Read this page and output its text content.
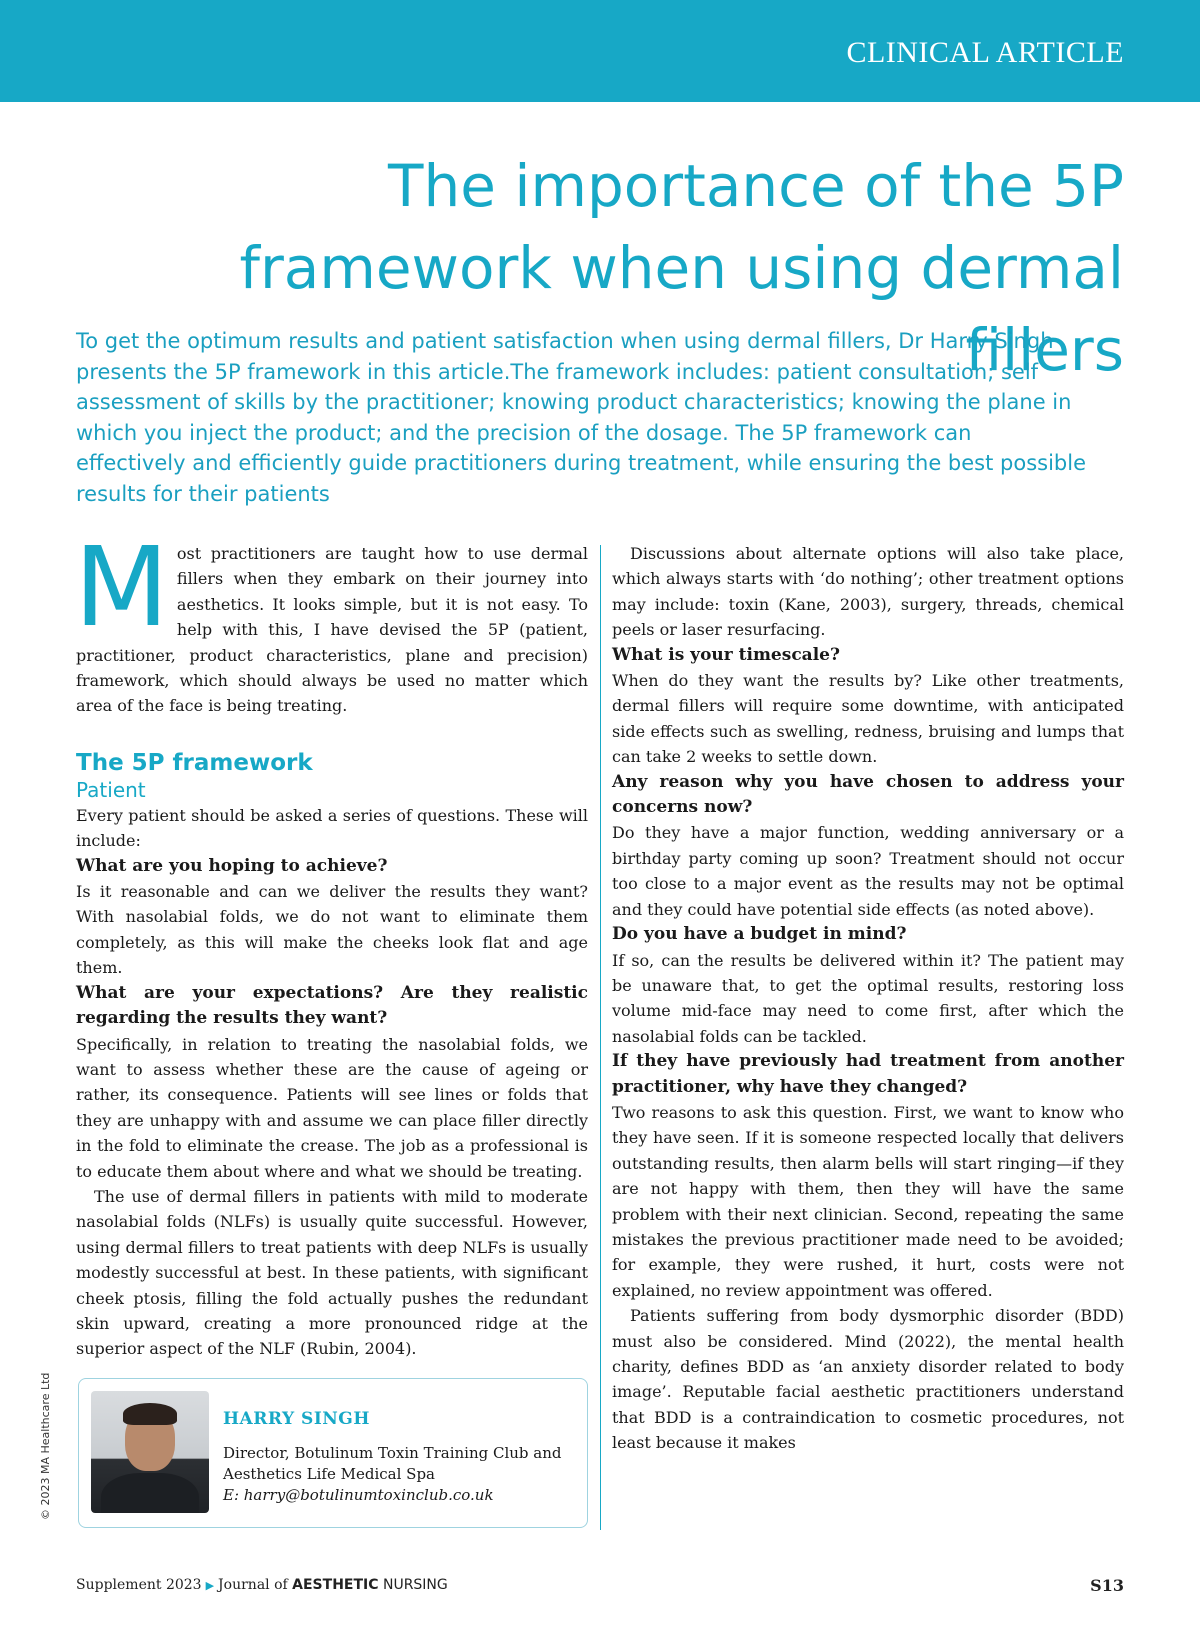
CLINICAL ARTICLE
The importance of the 5P framework when using dermal fillers

To get the optimum results and patient satisfaction when using dermal fillers, Dr Harry Singh presents the 5P framework in this article.The framework includes: patient consultation; self assessment of skills by the practitioner; knowing product characteristics; knowing the plane in which you inject the product; and the precision of the dosage. The 5P framework can effectively and efficiently guide practitioners during treatment, while ensuring the best possible results for their patients

Most practitioners are taught how to use dermal fillers when they embark on their journey into aesthetics. It looks simple, but it is not easy. To help with this, I have devised the 5P (patient, practitioner, product characteristics, plane and precision) framework, which should always be used no matter which area of the face is being treating.

The 5P framework
Patient

Every patient should be asked a series of questions. These will include:

What are you hoping to achieve?

Is it reasonable and can we deliver the results they want? With nasolabial folds, we do not want to eliminate them completely, as this will make the cheeks look flat and age them.

What are your expectations? Are they realistic regarding the results they want?

Specifically, in relation to treating the nasolabial folds, we want to assess whether these are the cause of ageing or rather, its consequence. Patients will see lines or folds that they are unhappy with and assume we can place filler directly in the fold to eliminate the crease. The job as a professional is to educate them about where and what we should be treating.

The use of dermal fillers in patients with mild to moderate nasolabial folds (NLFs) is usually quite successful. However, using dermal fillers to treat patients with deep NLFs is usually modestly successful at best. In these patients, with significant cheek ptosis, filling the fold actually pushes the redundant skin upward, creating a more pronounced ridge at the superior aspect of the NLF (Rubin, 2004).

Discussions about alternate options will also take place, which always starts with ‘do nothing’; other treatment options may include: toxin (Kane, 2003), surgery, threads, chemical peels or laser resurfacing.

What is your timescale?

When do they want the results by? Like other treatments, dermal fillers will require some downtime, with anticipated side effects such as swelling, redness, bruising and lumps that can take 2 weeks to settle down.

Any reason why you have chosen to address your concerns now?

Do they have a major function, wedding anniversary or a birthday party coming up soon? Treatment should not occur too close to a major event as the results may not be optimal and they could have potential side effects (as noted above).

Do you have a budget in mind?

If so, can the results be delivered within it? The patient may be unaware that, to get the optimal results, restoring loss volume mid-face may need to come first, after which the nasolabial folds can be tackled.

If they have previously had treatment from another practitioner, why have they changed?

Two reasons to ask this question. First, we want to know who they have seen. If it is someone respected locally that delivers outstanding results, then alarm bells will start ringing—if they are not happy with them, then they will have the same problem with their next clinician. Second, repeating the same mistakes the previous practitioner made need to be avoided; for example, they were rushed, it hurt, costs were not explained, no review appointment was offered.

Patients suffering from body dysmorphic disorder (BDD) must also be considered. Mind (2022), the mental health charity, defines BDD as ‘an anxiety disorder related to body image’. Reputable facial aesthetic practitioners understand that BDD is a contraindication to cosmetic procedures, not least because it makes

HARRY SINGH
Director, Botulinum Toxin Training Club and Aesthetics Life Medical Spa
E: harry@botulinumtoxinclub.co.uk
© 2023 MA Healthcare Ltd
Supplement 2023 ▶ Journal of AESTHETIC NURSING	S13
